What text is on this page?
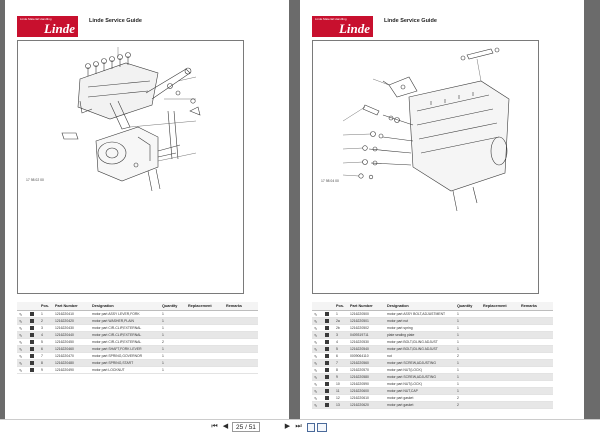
Linde Material Handling
Linde	Linde Service Guide
17 98 02 00
		Pos.	Part Number	Designation	Quantity	Replacement	Remarks
✎		1	1216220410	motor part ASSY LEVER,FORK	1		
✎		2	1216220420	motor part WASHER,PLAIN	1		
✎		3	1216220430	motor part CIR-CLIP,EXTERNAL	1		
✎		4	1216220440	motor part CIR-CLIP,EXTERNAL	1		
✎		5	1216220450	motor part CIR-CLIP,EXTERNAL	2		
✎		6	1216220460	motor part SHAFT,FORK LEVER	1		
✎		7	1216220470	motor part SPRING,GOVERNOR	1		
✎		8	1216220480	motor part SPRING,START	1		
✎		9	1216220490	motor part LOCKNUT	1		
Linde Material Handling
Linde	Linde Service Guide
17 98 04 00
		Pos.	Part Number	Designation	Quantity	Replacement	Remarks
✎		1	1216220500	motor part ASSY BOLT,ADJUSTMENT	1		
✎		2a	1216220501	motor part nut	1		
✎		2b	1216220502	motor part spring	1		
✎		3	0409319711	plate sealing plate	1		
✎		4	1216220530	motor part BOLT,IDLING ADJUST	1		
✎		5	1216220540	motor part BOLT,IDLING ADJUST	1		
✎		6	0009064110	nut	2		
✎		7	1216220560	motor part SCREW,ADJUSTING	1		
✎		8	1216220570	motor part NUT(LOCK)	1		
✎		9	1216220580	motor part SCREW,ADJUSTING	1		
✎		10	1216220590	motor part NUT(LOCK)	1		
✎		11	1216220600	motor part NUT,CAP	1		
✎		12	1216220610	motor part gasket	2		
✎		13	1216220620	motor part gasket	2		
⏮ ◀	25 / 51	▶ ⏭
